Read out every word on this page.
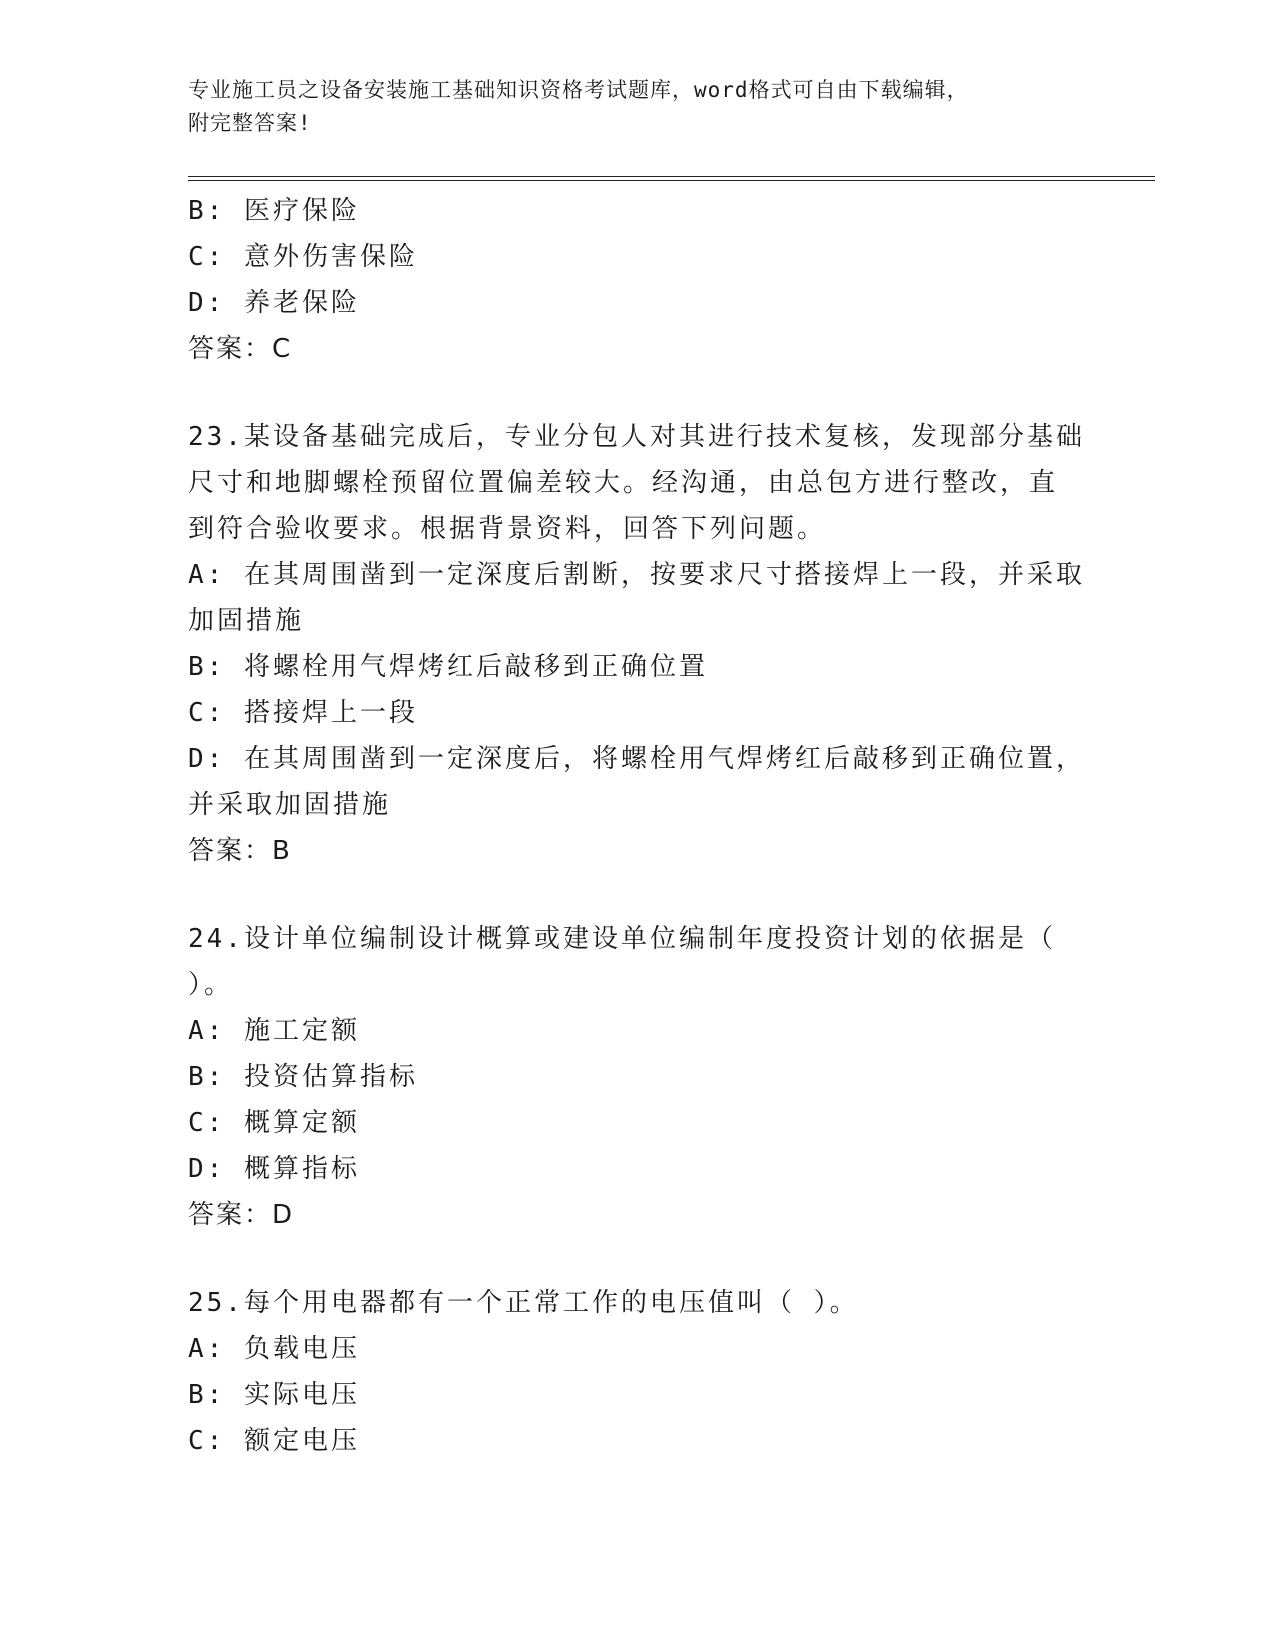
专业施工员之设备安装施工基础知识资格考试题库，word格式可自由下载编辑，
附完整答案!
B: 医疗保险
C: 意外伤害保险
D: 养老保险
答案：C
23.某设备基础完成后，专业分包人对其进行技术复核，发现部分基础
尺寸和地脚螺栓预留位置偏差较大。经沟通，由总包方进行整改，直
到符合验收要求。根据背景资料，回答下列问题。
A: 在其周围凿到一定深度后割断，按要求尺寸搭接焊上一段，并采取
加固措施
B: 将螺栓用气焊烤红后敲移到正确位置
C: 搭接焊上一段
D: 在其周围凿到一定深度后，将螺栓用气焊烤红后敲移到正确位置，
并采取加固措施
答案：B
24.设计单位编制设计概算或建设单位编制年度投资计划的依据是（
）。
A: 施工定额
B: 投资估算指标
C: 概算定额
D: 概算指标
答案：D
25.每个用电器都有一个正常工作的电压值叫（ ）。
A: 负载电压
B: 实际电压
C: 额定电压
